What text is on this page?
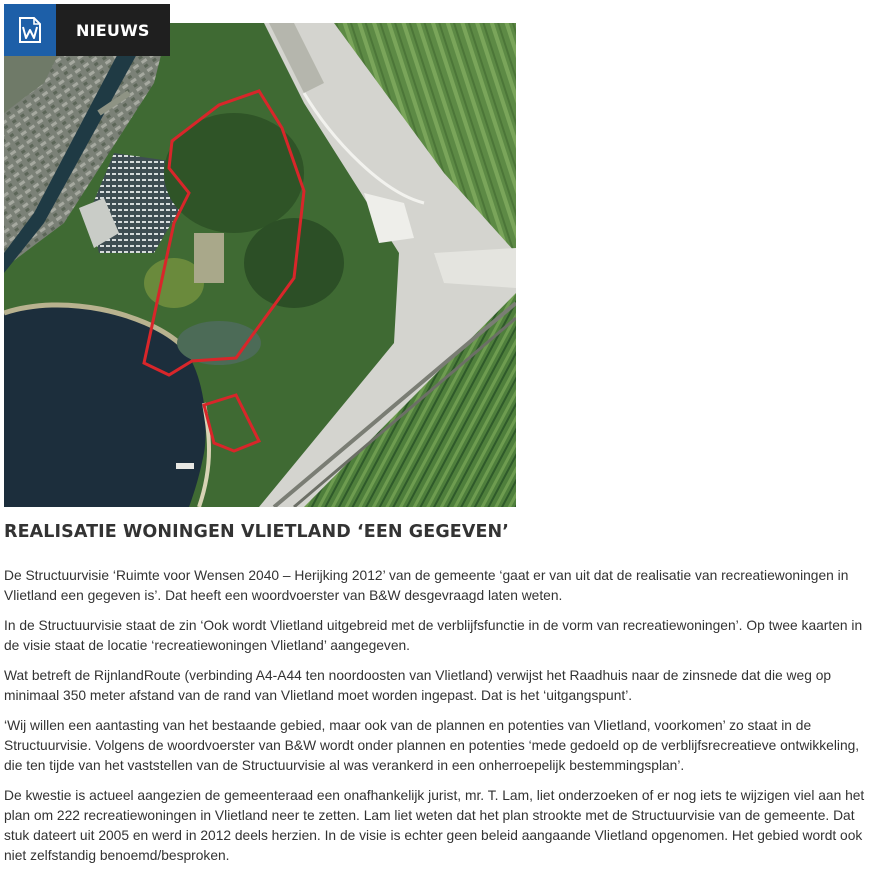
NIEUWS
REALISATIE WONINGEN VLIETLAND ‘EEN GEGEVEN’

De Structuurvisie ‘Ruimte voor Wensen 2040 – Herijking 2012’ van de gemeente ‘gaat er van uit dat de realisatie van recreatiewoningen in Vlietland een gegeven is’. Dat heeft een woordvoerster van B&W desgevraagd laten weten.

In de Structuurvisie staat de zin ‘Ook wordt Vlietland uitgebreid met de verblijfsfunctie in de vorm van recreatiewoningen’. Op twee kaarten in de visie staat de locatie ‘recreatiewoningen Vlietland’ aangegeven.

Wat betreft de RijnlandRoute (verbinding A4-A44 ten noordoosten van Vlietland) verwijst het Raadhuis naar de zinsnede dat die weg op minimaal 350 meter afstand van de rand van Vlietland moet worden ingepast. Dat is het ‘uitgangspunt’.

‘Wij willen een aantasting van het bestaande gebied, maar ook van de plannen en potenties van Vlietland, voorkomen’ zo staat in de Structuurvisie. Volgens de woordvoerster van B&W wordt onder plannen en potenties ‘mede gedoeld op de verblijfsrecreatieve ontwikkeling, die ten tijde van het vaststellen van de Structuurvisie al was verankerd in een onherroepelijk bestemmingsplan’.

De kwestie is actueel aangezien de gemeenteraad een onafhankelijk jurist, mr. T. Lam, liet onderzoeken of er nog iets te wijzigen viel aan het plan om 222 recreatiewoningen in Vlietland neer te zetten. Lam liet weten dat het plan strookte met de Structuurvisie van de gemeente. Dat stuk dateert uit 2005 en werd in 2012 deels herzien. In de visie is echter geen beleid aangaande Vlietland opgenomen. Het gebied wordt ook niet zelfstandig benoemd/besproken.
